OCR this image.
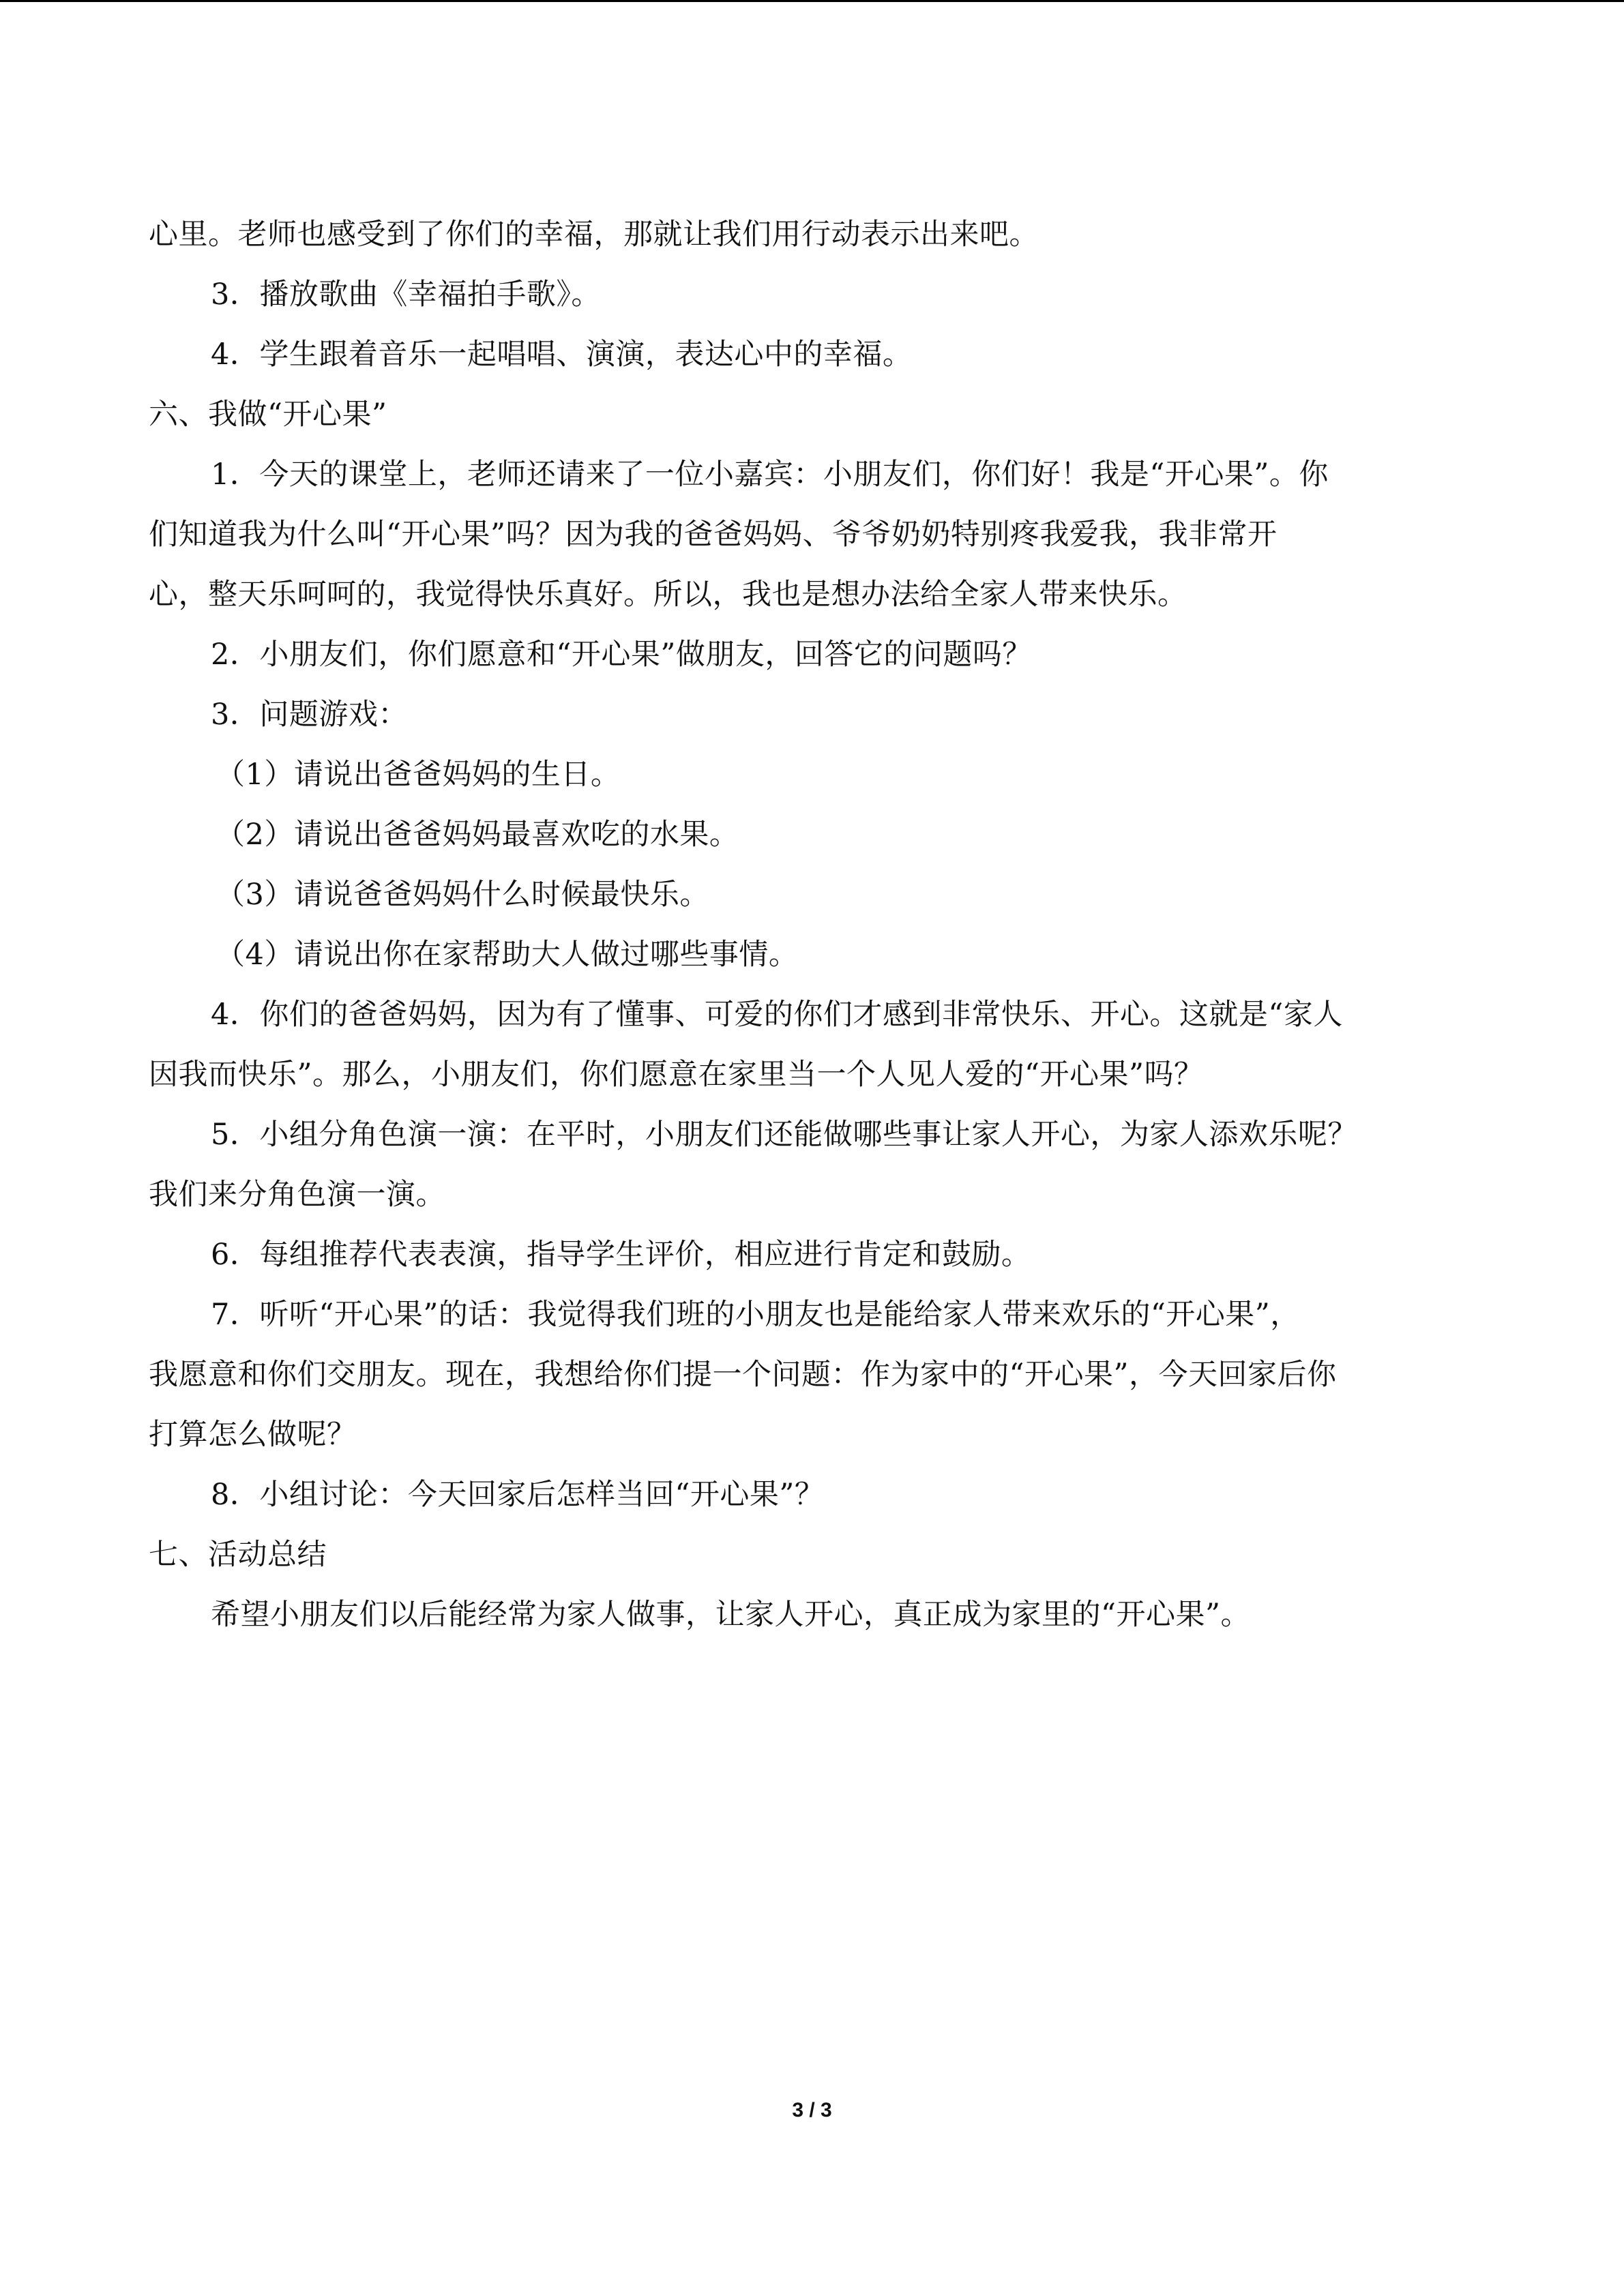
心里。老师也感受到了你们的幸福，那就让我们用行动表示出来吧。
3．播放歌曲《幸福拍手歌》。
4．学生跟着音乐一起唱唱、演演，表达心中的幸福。
六、我做“开心果”
1．今天的课堂上，老师还请来了一位小嘉宾：小朋友们，你们好！我是“开心果”。你
们知道我为什么叫“开心果”吗？因为我的爸爸妈妈、爷爷奶奶特别疼我爱我，我非常开
心，整天乐呵呵的，我觉得快乐真好。所以，我也是想办法给全家人带来快乐。
2．小朋友们，你们愿意和“开心果”做朋友，回答它的问题吗？
3．问题游戏：
（1）请说出爸爸妈妈的生日。
（2）请说出爸爸妈妈最喜欢吃的水果。
（3）请说爸爸妈妈什么时候最快乐。
（4）请说出你在家帮助大人做过哪些事情。
4．你们的爸爸妈妈，因为有了懂事、可爱的你们才感到非常快乐、开心。这就是“家人
因我而快乐”。那么，小朋友们，你们愿意在家里当一个人见人爱的“开心果”吗？
5．小组分角色演一演：在平时，小朋友们还能做哪些事让家人开心，为家人添欢乐呢？
我们来分角色演一演。
6．每组推荐代表表演，指导学生评价，相应进行肯定和鼓励。
7．听听“开心果”的话：我觉得我们班的小朋友也是能给家人带来欢乐的“开心果”，
我愿意和你们交朋友。现在，我想给你们提一个问题：作为家中的“开心果”，今天回家后你
打算怎么做呢？
8．小组讨论：今天回家后怎样当回“开心果”？
七、活动总结
希望小朋友们以后能经常为家人做事，让家人开心，真正成为家里的“开心果”。
3 / 3
